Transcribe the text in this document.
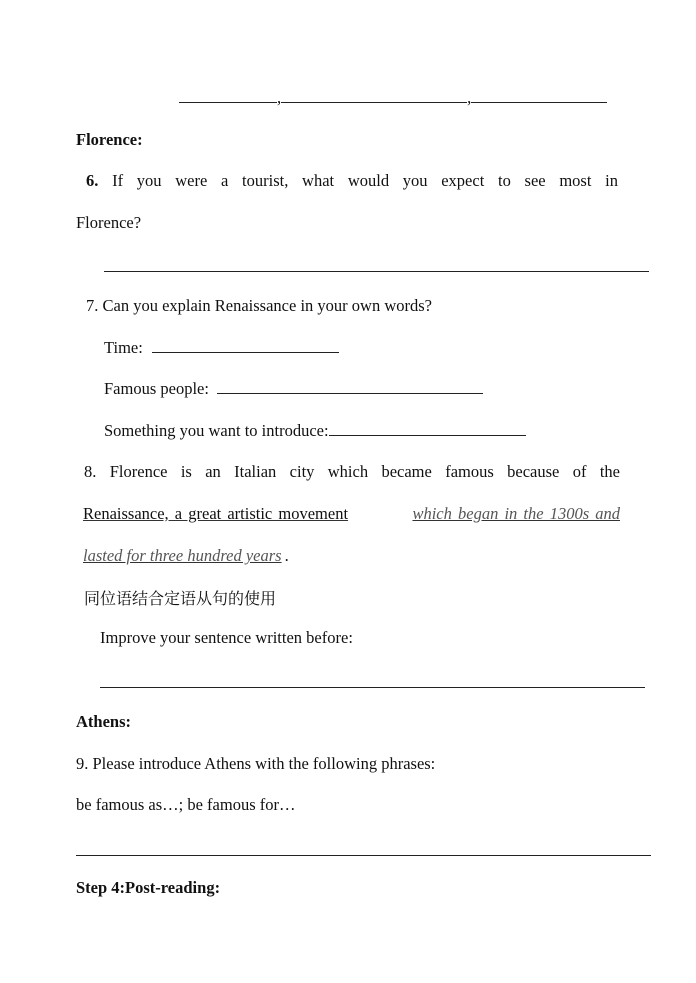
,	,
Florence:
6. If you were a tourist, what would you expect to see most in
Florence?
7. Can you explain Renaissance in your own words?
Time:
Famous people:
Something you want to introduce:
8. Florence is an Italian city which became famous because of the
Renaissance, a great artistic movement	which began in the 1300s and
lasted for three hundred years .
同位语结合定语从句的使用
Improve your sentence written before:
Athens:
9. Please introduce Athens with the following phrases:
be famous as…; be famous for…
Step 4:Post-reading:
